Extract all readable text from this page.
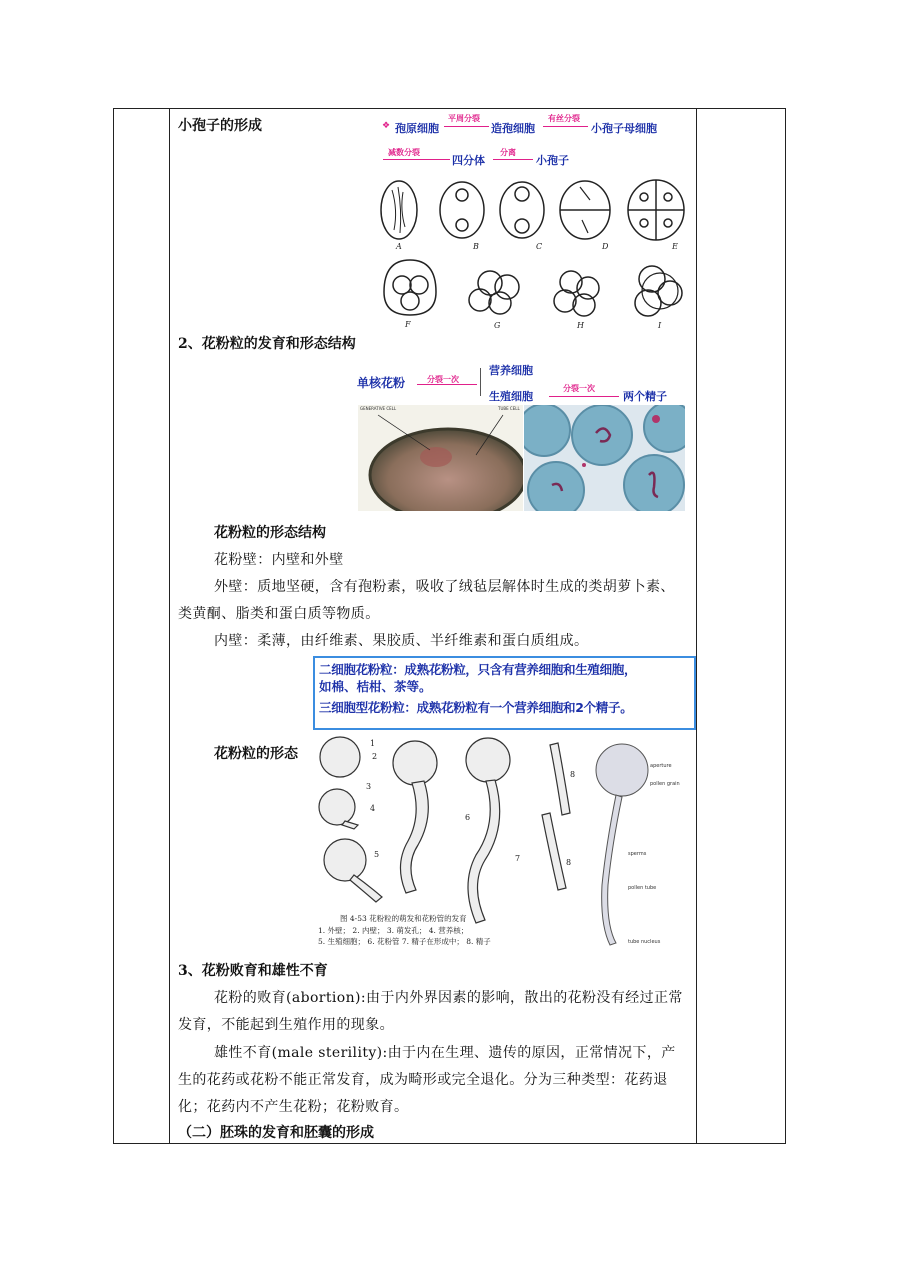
小孢子的形成	❖ 孢原细胞
平周分裂
造孢细胞
有丝分裂
小孢子母细胞
减数分裂
四分体
分离
小孢子
A	B	C	D	E
F	G	H	I
2、花粉粒的发育和形态结构
单核花粉	分裂一次
营养细胞
生殖细胞
分裂一次
两个精子
GENERATIVE CELL	TUBE CELL
花粉粒的形态结构
花粉壁：内壁和外壁
外壁：质地坚硬，含有孢粉素，吸收了绒毡层解体时生成的类胡萝卜素、类黄酮、脂类和蛋白质等物质。
内壁：柔薄，由纤维素、果胶质、半纤维素和蛋白质组成。
二细胞花粉粒：成熟花粉粒，只含有营养细胞和生殖细胞，
如棉、桔柑、茶等。
三细胞型花粉粒：成熟花粉粒有一个营养细胞和2个精子。
花粉粒的形态
1
2
3
4
5
6
7
8
8
aperture
pollen grain
sperms
pollen tube
tube nucleus
图 4-53 花粉粒的萌发和花粉管的发育
1. 外壁； 2. 内壁； 3. 萌发孔； 4. 营养核；
5. 生殖细胞； 6. 花粉管 7. 精子在形成中； 8. 精子
3、花粉败育和雄性不育
花粉的败育(abortion):由于内外界因素的影响，散出的花粉没有经过正常发育，不能起到生殖作用的现象。
雄性不育(male sterility):由于内在生理、遗传的原因，正常情况下，产生的花药或花粉不能正常发育，成为畸形或完全退化。分为三种类型：花药退化；花药内不产生花粉；花粉败育。
（二）胚珠的发育和胚囊的形成
